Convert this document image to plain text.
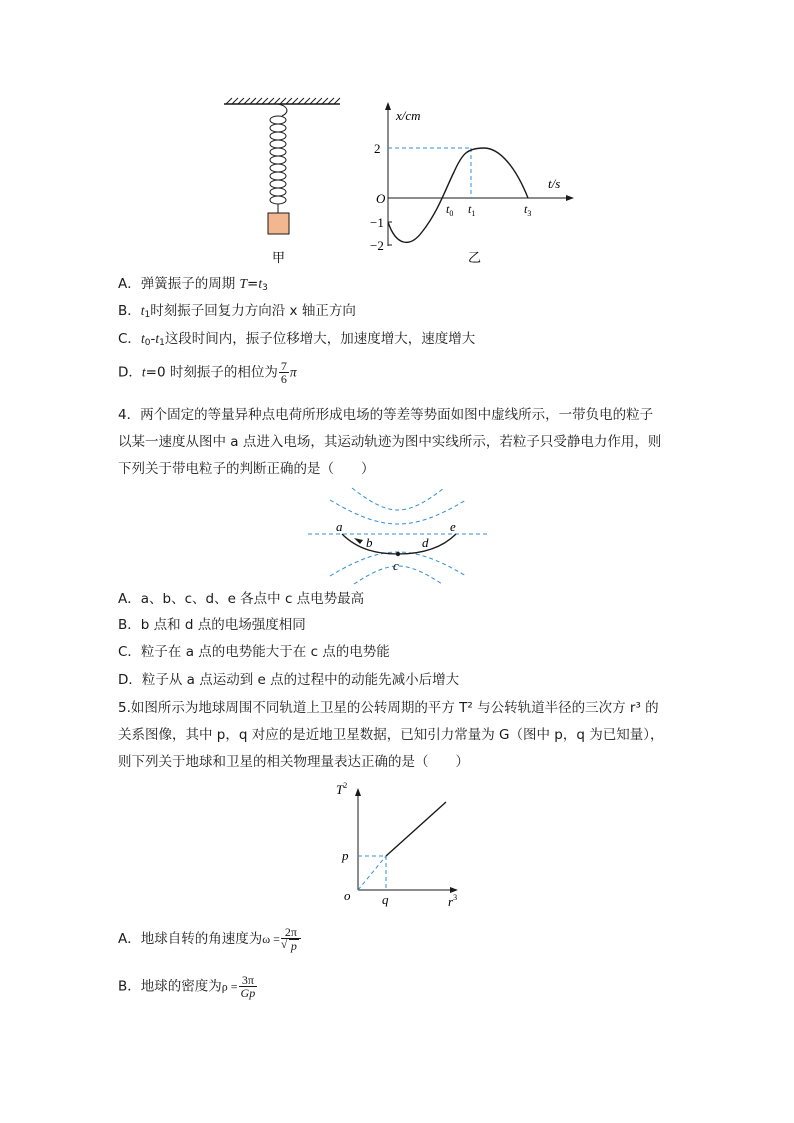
甲
x/cm
t/s
O
2
−1
−2
$t_0$ $t_1$	$t_3$
乙
A．弹簧振子的周期 $T=t_3$
B．$t_1$时刻振子回复力方向沿 x 轴正方向
C．$t_0-t_1$这段时间内，振子位移增大，加速度增大，速度增大
D．t=0 时刻振子的相位为 $\frac{7}{6}$ π
4．两个固定的等量异种点电荷所形成电场的等差等势面如图中虚线所示，一带负电的粒子
以某一速度从图中 a 点进入电场，其运动轨迹为图中实线所示，若粒子只受静电力作用，则
下列关于带电粒子的判断正确的是（　　）
a
b
c
d
e
A．a、b、c、d、e 各点中 c 点电势最高
B．b 点和 d 点的电场强度相同
C．粒子在 a 点的电势能大于在 c 点的电势能
D．粒子从 a 点运动到 e 点的过程中的动能先减小后增大
5.如图所示为地球周围不同轨道上卫星的公转周期的平方 T² 与公转轨道半径的三次方 r³ 的
关系图像，其中 p，q 对应的是近地卫星数据，已知引力常量为 G（图中 p，q 为已知量），
则下列关于地球和卫星的相关物理量表达正确的是（　　）
$T^2$
$r^3$
o
p
q
A．地球自转的角速度为ω = 2π
√ p
B．地球的密度为$\rho = \frac{3\pi}{Gp}$
